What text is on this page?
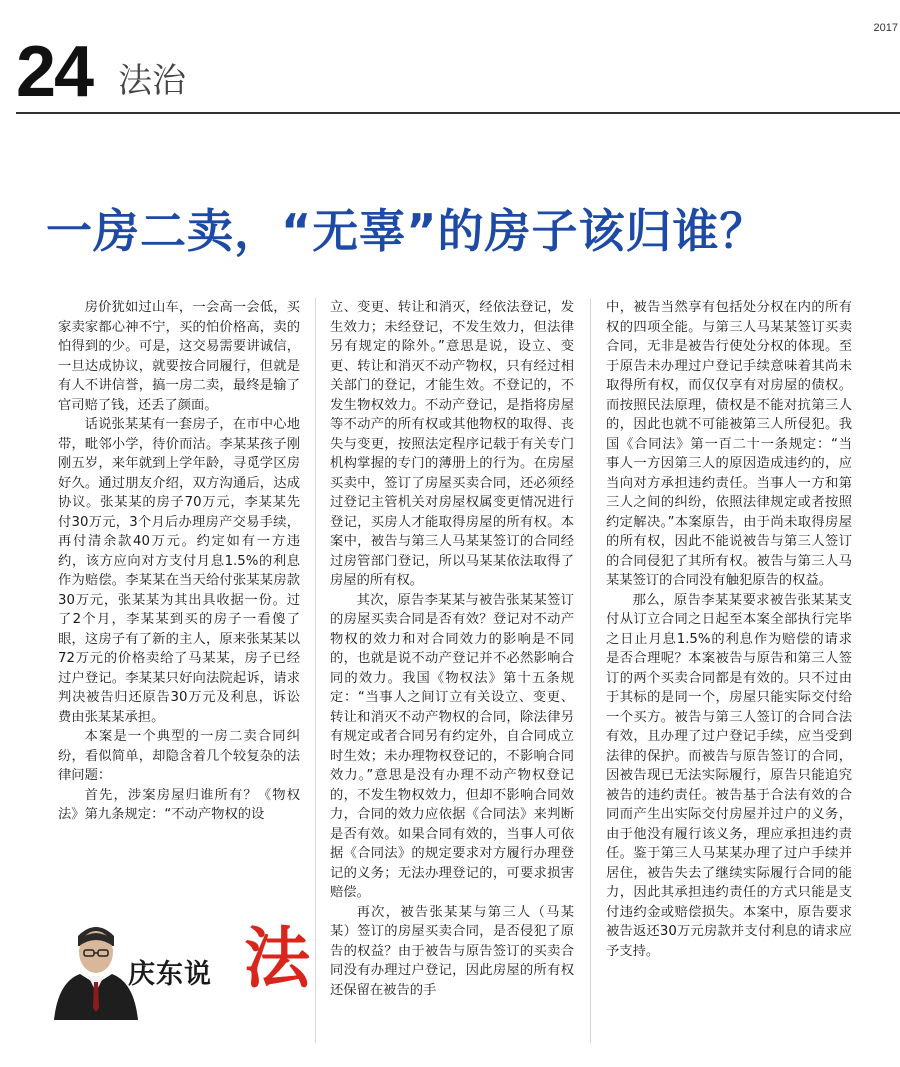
2017
24 法治
一房二卖，“无辜”的房子该归谁？

房价犹如过山车，一会高一会低，买家卖家都心神不宁，买的怕价格高，卖的怕得到的少。可是，这交易需要讲诚信，一旦达成协议，就要按合同履行，但就是有人不讲信誉，搞一房二卖，最终是输了官司赔了钱，还丢了颜面。

话说张某某有一套房子，在市中心地带，毗邻小学，待价而沽。李某某孩子刚刚五岁，来年就到上学年龄，寻觅学区房好久。通过朋友介绍，双方沟通后，达成协议。张某某的房子70万元，李某某先付30万元，3个月后办理房产交易手续，再付清余款40万元。约定如有一方违约，该方应向对方支付月息1.5%的利息作为赔偿。李某某在当天给付张某某房款30万元，张某某为其出具收据一份。过了2个月，李某某到买的房子一看傻了眼，这房子有了新的主人，原来张某某以72万元的价格卖给了马某某，房子已经过户登记。李某某只好向法院起诉，请求判决被告归还原告30万元及利息，诉讼费由张某某承担。

本案是一个典型的一房二卖合同纠纷，看似简单，却隐含着几个较复杂的法律问题：

首先，涉案房屋归谁所有？《物权法》第九条规定：“不动产物权的设

立、变更、转让和消灭，经依法登记，发生效力；未经登记，不发生效力，但法律另有规定的除外。”意思是说，设立、变更、转让和消灭不动产物权，只有经过相关部门的登记，才能生效。不登记的，不发生物权效力。不动产登记，是指将房屋等不动产的所有权或其他物权的取得、丧失与变更，按照法定程序记载于有关专门机构掌握的专门的薄册上的行为。在房屋买卖中，签订了房屋买卖合同，还必须经过登记主管机关对房屋权属变更情况进行登记，买房人才能取得房屋的所有权。本案中，被告与第三人马某某签订的合同经过房管部门登记，所以马某某依法取得了房屋的所有权。

其次，原告李某某与被告张某某签订的房屋买卖合同是否有效？登记对不动产物权的效力和对合同效力的影响是不同的，也就是说不动产登记并不必然影响合同的效力。我国《物权法》第十五条规定：“当事人之间订立有关设立、变更、转让和消灭不动产物权的合同，除法律另有规定或者合同另有约定外，自合同成立时生效；未办理物权登记的，不影响合同效力。”意思是没有办理不动产物权登记的，不发生物权效力，但却不影响合同效力，合同的效力应依据《合同法》来判断是否有效。如果合同有效的，当事人可依据《合同法》的规定要求对方履行办理登记的义务；无法办理登记的，可要求损害赔偿。

再次，被告张某某与第三人（马某某）签订的房屋买卖合同，是否侵犯了原告的权益？由于被告与原告签订的买卖合同没有办理过户登记，因此房屋的所有权还保留在被告的手

中，被告当然享有包括处分权在内的所有权的四项全能。与第三人马某某签订买卖合同，无非是被告行使处分权的体现。至于原告未办理过户登记手续意味着其尚未取得所有权，而仅仅享有对房屋的债权。而按照民法原理，债权是不能对抗第三人的，因此也就不可能被第三人所侵犯。我国《合同法》第一百二十一条规定：“当事人一方因第三人的原因造成违约的，应当向对方承担违约责任。当事人一方和第三人之间的纠纷，依照法律规定或者按照约定解决。”本案原告，由于尚未取得房屋的所有权，因此不能说被告与第三人签订的合同侵犯了其所有权。被告与第三人马某某签订的合同没有触犯原告的权益。

那么，原告李某某要求被告张某某支付从订立合同之日起至本案全部执行完毕之日止月息1.5%的利息作为赔偿的请求是否合理呢？本案被告与原告和第三人签订的两个买卖合同都是有效的。只不过由于其标的是同一个，房屋只能实际交付给一个买方。被告与第三人签订的合同合法有效，且办理了过户登记手续，应当受到法律的保护。而被告与原告签订的合同，因被告现已无法实际履行，原告只能追究被告的违约责任。被告基于合法有效的合同而产生出实际交付房屋并过户的义务，由于他没有履行该义务，理应承担违约责任。鉴于第三人马某某办理了过户手续并居住，被告失去了继续实际履行合同的能力，因此其承担违约责任的方式只能是支付违约金或赔偿损失。本案中，原告要求被告返还30万元房款并支付利息的请求应予支持。

庆东说 法
